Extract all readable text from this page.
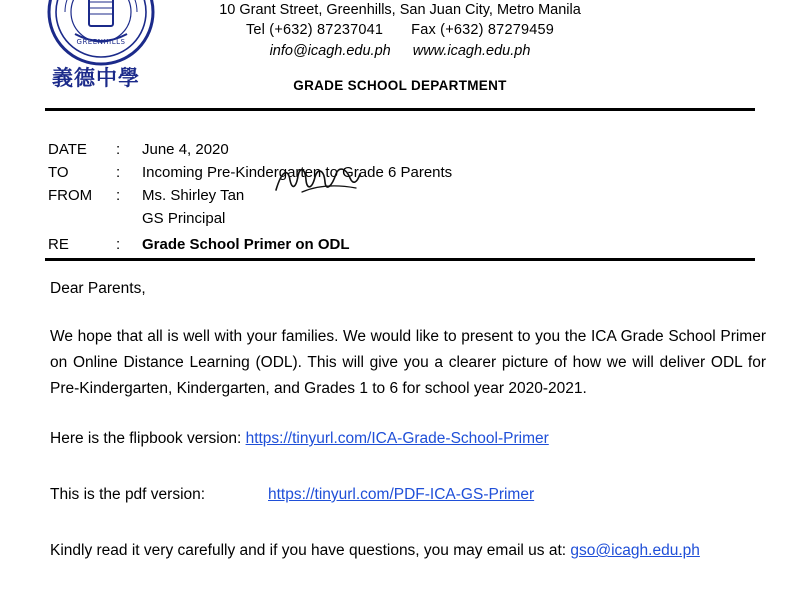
GREENHILLS
義德中學
10 Grant Street, Greenhills, San Juan City, Metro Manila
Tel (+632) 87237041 Fax (+632) 87279459
info@icagh.edu.ph www.icagh.edu.ph
GRADE SCHOOL DEPARTMENT
DATE	:	June 4, 2020
TO	:	Incoming Pre-Kindergarten to Grade 6 Parents
FROM	:	Ms. Shirley Tan
GS Principal
RE	:	Grade School Primer on ODL

Dear Parents,

We hope that all is well with your families. We would like to present to you the ICA Grade School Primer on Online Distance Learning (ODL). This will give you a clearer picture of how we will deliver ODL for Pre-Kindergarten, Kindergarten, and Grades 1 to 6 for school year 2020-2021.

Here is the flipbook version: https://tinyurl.com/ICA-Grade-School-Primer

This is the pdf version:	https://tinyurl.com/PDF-ICA-GS-Primer

Kindly read it very carefully and if you have questions, you may email us at: gso@icagh.edu.ph
